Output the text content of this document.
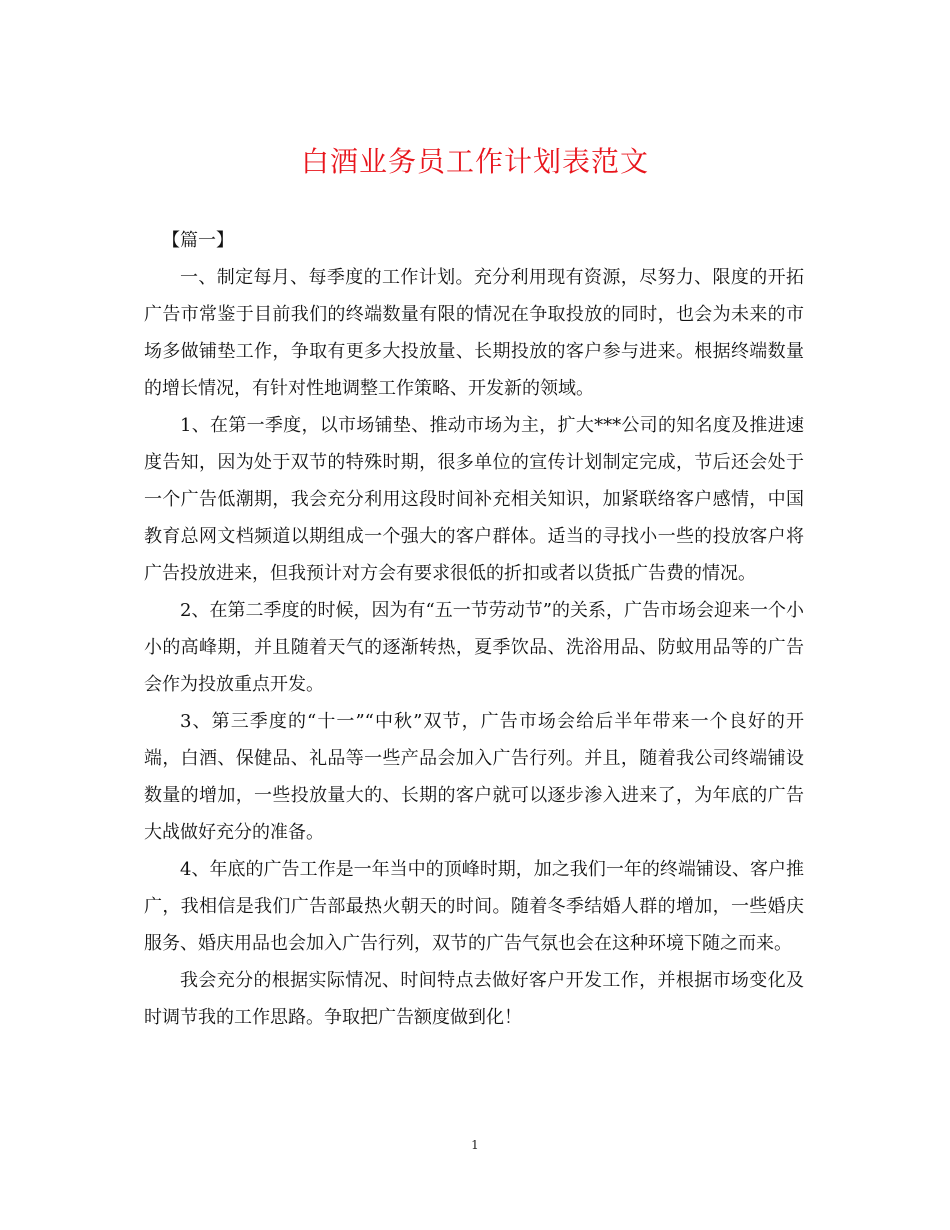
白酒业务员工作计划表范文

【篇一】

一、制定每月、每季度的工作计划。充分利用现有资源，尽努力、限度的开拓广告市常鉴于目前我们的终端数量有限的情况在争取投放的同时，也会为未来的市场多做铺垫工作，争取有更多大投放量、长期投放的客户参与进来。根据终端数量的增长情况，有针对性地调整工作策略、开发新的领域。

1、在第一季度，以市场铺垫、推动市场为主，扩大***公司的知名度及推进速度告知，因为处于双节的特殊时期，很多单位的宣传计划制定完成，节后还会处于一个广告低潮期，我会充分利用这段时间补充相关知识，加紧联络客户感情，中国教育总网文档频道以期组成一个强大的客户群体。适当的寻找小一些的投放客户将广告投放进来，但我预计对方会有要求很低的折扣或者以货抵广告费的情况。

2、在第二季度的时候，因为有“五一节劳动节”的关系，广告市场会迎来一个小小的高峰期，并且随着天气的逐渐转热，夏季饮品、洗浴用品、防蚊用品等的广告会作为投放重点开发。

3、第三季度的“十一”“中秋”双节，广告市场会给后半年带来一个良好的开端，白酒、保健品、礼品等一些产品会加入广告行列。并且，随着我公司终端铺设数量的增加，一些投放量大的、长期的客户就可以逐步渗入进来了，为年底的广告大战做好充分的准备。

4、年底的广告工作是一年当中的顶峰时期，加之我们一年的终端铺设、客户推广，我相信是我们广告部最热火朝天的时间。随着冬季结婚人群的增加，一些婚庆服务、婚庆用品也会加入广告行列，双节的广告气氛也会在这种环境下随之而来。

我会充分的根据实际情况、时间特点去做好客户开发工作，并根据市场变化及时调节我的工作思路。争取把广告额度做到化！

1
